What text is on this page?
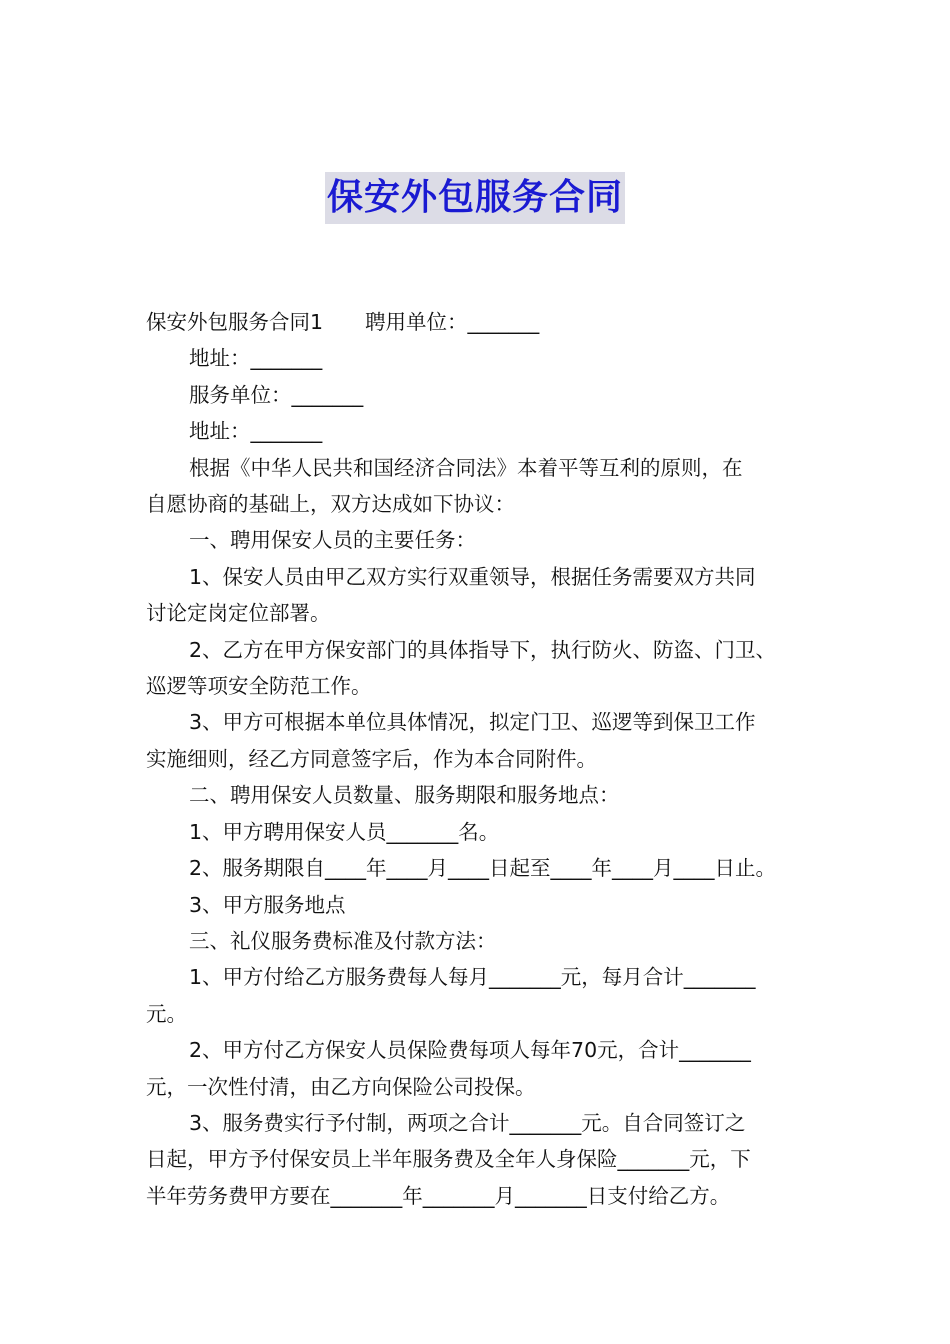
保安外包服务合同

保安外包服务合同1 聘用单位：_______

地址：_______

服务单位：_______

地址：_______

根据《中华人民共和国经济合同法》本着平等互利的原则，在

自愿协商的基础上，双方达成如下协议：

一、聘用保安人员的主要任务：

1、保安人员由甲乙双方实行双重领导，根据任务需要双方共同

讨论定岗定位部署。

2、乙方在甲方保安部门的具体指导下，执行防火、防盗、门卫、

巡逻等项安全防范工作。

3、甲方可根据本单位具体情况，拟定门卫、巡逻等到保卫工作

实施细则，经乙方同意签字后，作为本合同附件。

二、聘用保安人员数量、服务期限和服务地点：

1、甲方聘用保安人员_______名。

2、服务期限自____年____月____日起至____年____月____日止。

3、甲方服务地点

三、礼仪服务费标准及付款方法：

1、甲方付给乙方服务费每人每月_______元，每月合计_______

元。

2、甲方付乙方保安人员保险费每项人每年70元，合计_______

元，一次性付清，由乙方向保险公司投保。

3、服务费实行予付制，两项之合计_______元。自合同签订之

日起，甲方予付保安员上半年服务费及全年人身保险_______元，下

半年劳务费甲方要在_______年_______月_______日支付给乙方。
